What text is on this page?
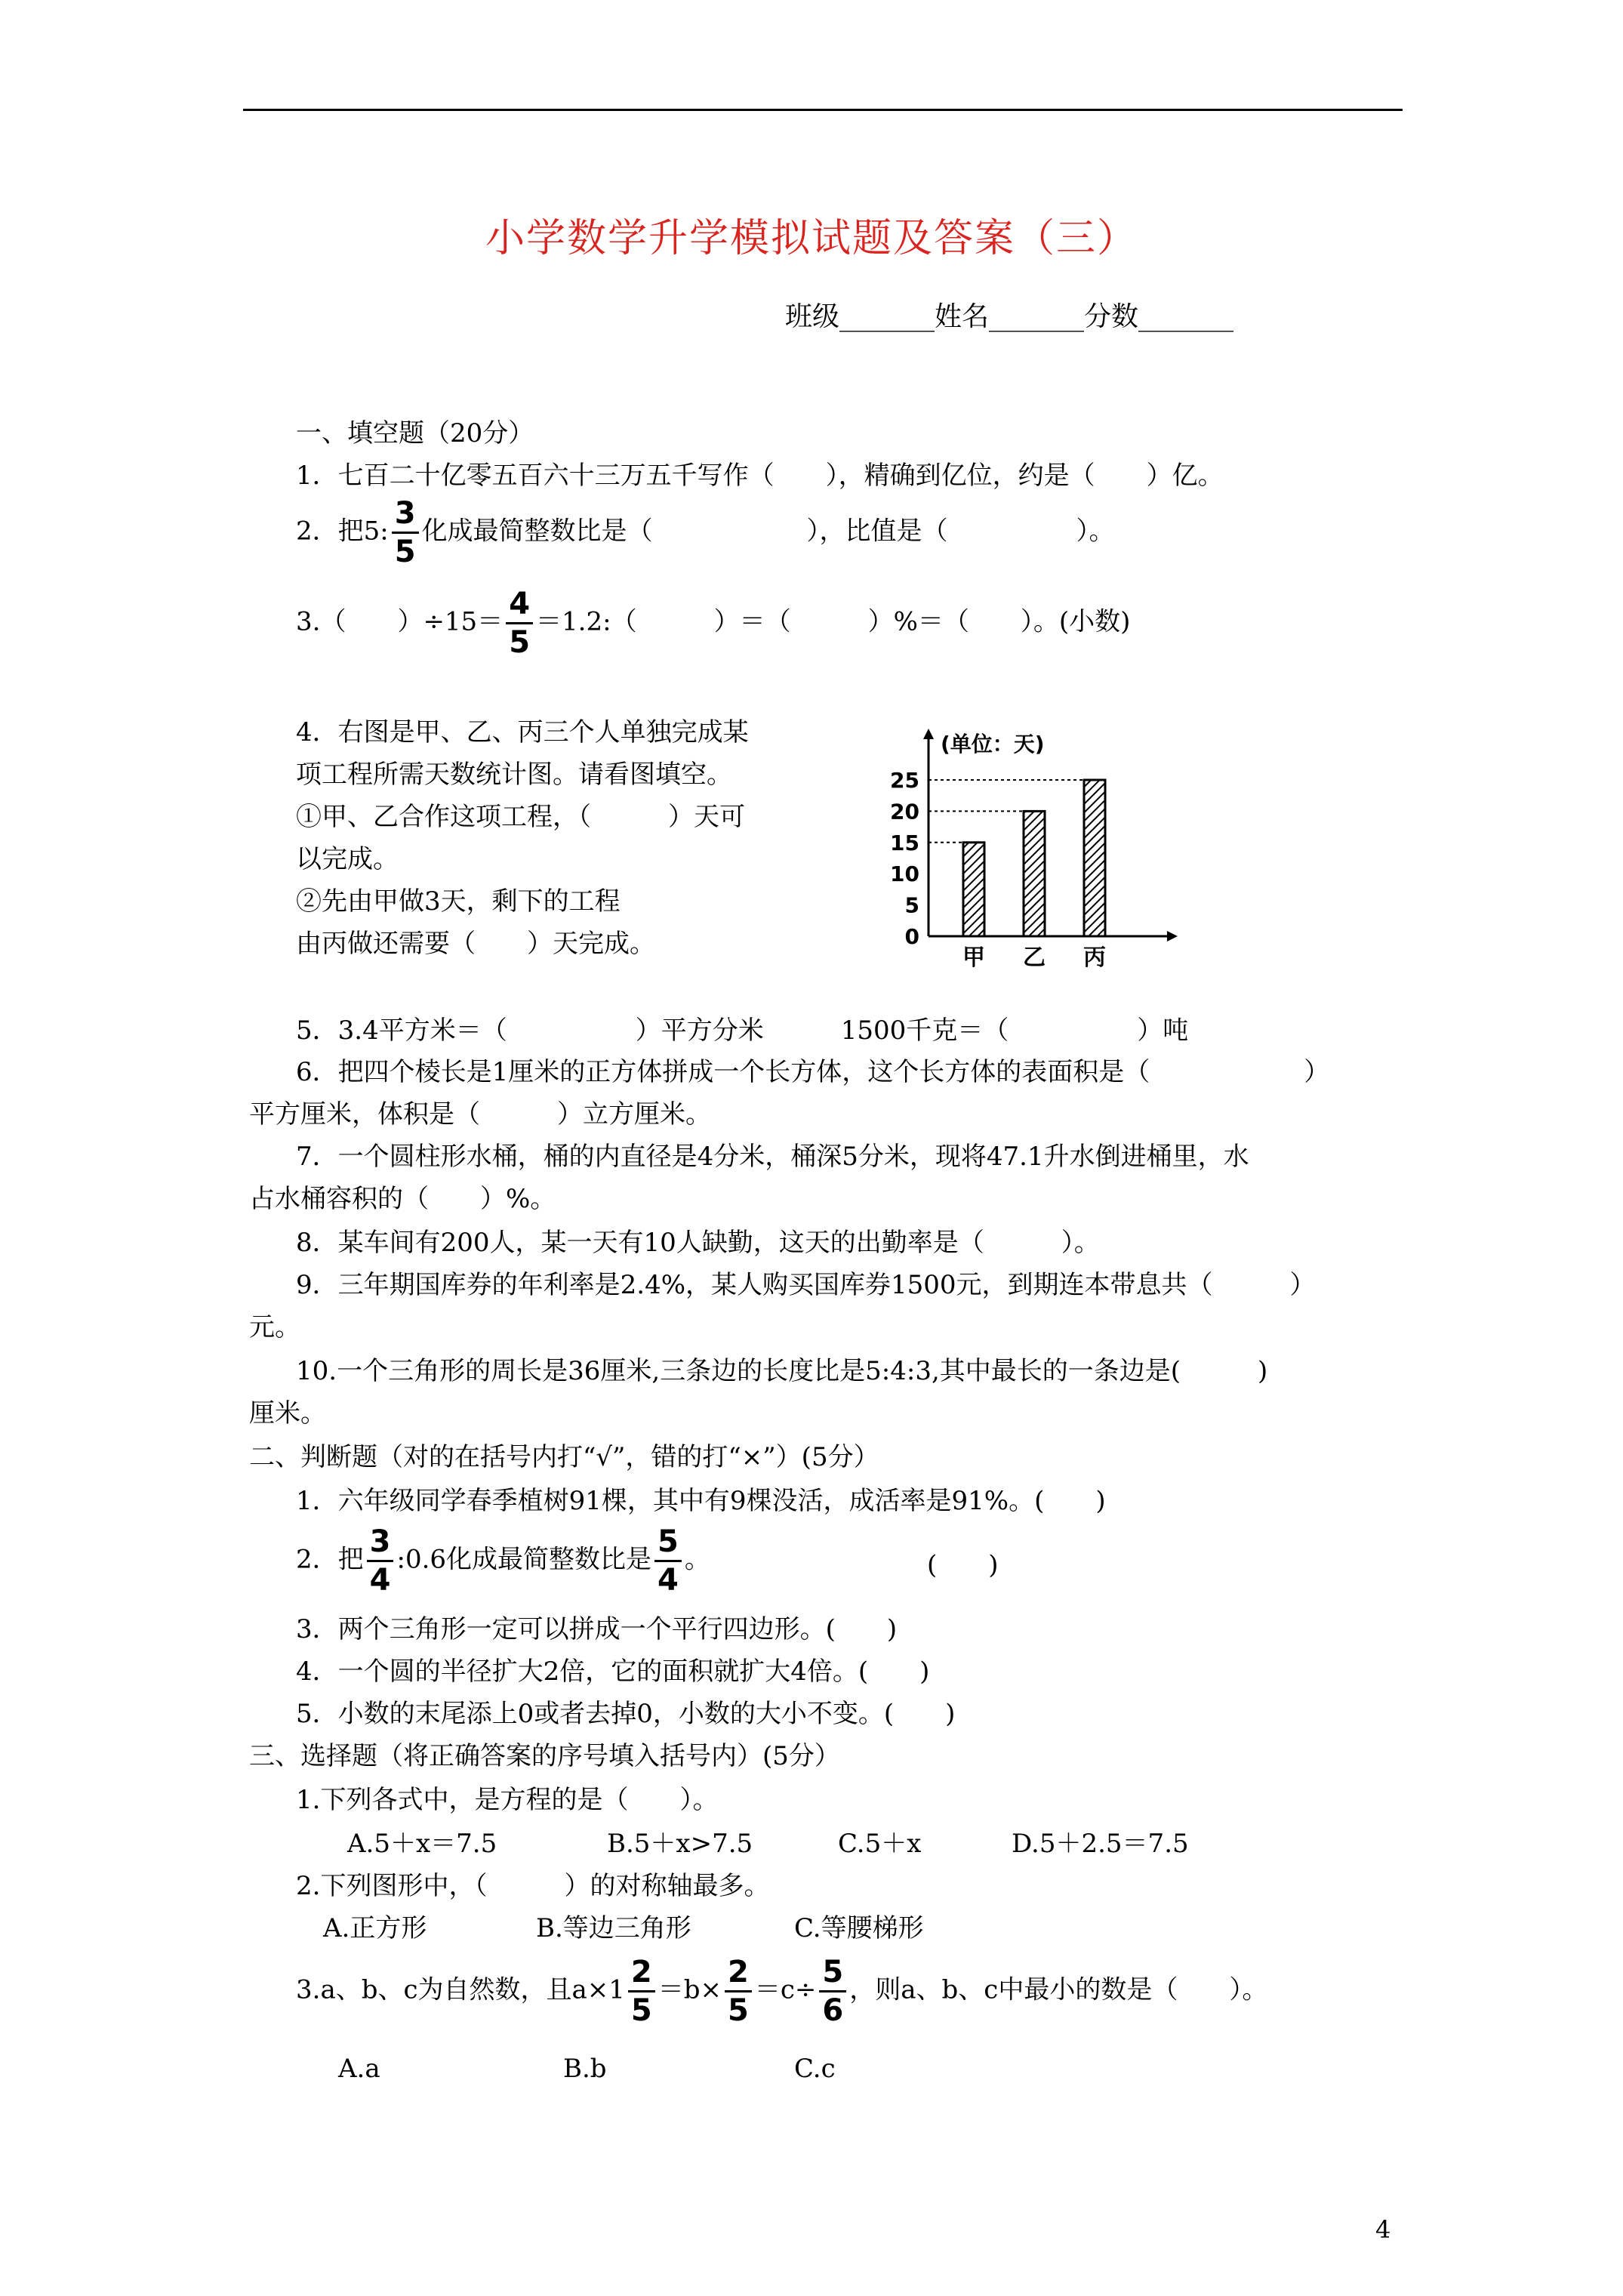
小学数学升学模拟试题及答案（三）
班级_______姓名_______分数_______
一、填空题（20分）
1．七百二十亿零五百六十三万五千写作（　　），精确到亿位，约是（　　）亿。
2．把5: $\frac{3}{5}$ 化成最简整数比是（　　　　　　），比值是（　　　　　）。
3.（　　）$\div 15= \frac{4}{5}$ ＝1.2:（　　　）＝（　　　）%＝（　　）。(小数)
4．右图是甲、乙、丙三个人单独完成某
项工程所需天数统计图。请看图填空。
①甲、乙合作这项工程，（　　　）天可
以完成。
②先由甲做3天，剩下的工程
由丙做还需要（　　）天完成。
(单位：天)
0
5
10
15
20
25
甲 乙 丙
5．3.4平方米＝（　　　　　）平方分米　　　1500千克＝（　　　　　）吨
6．把四个棱长是1厘米的正方体拼成一个长方体，这个长方体的表面积是（　　　　　　）
平方厘米，体积是（　　　）立方厘米。
7．一个圆柱形水桶，桶的内直径是4分米，桶深5分米，现将47.1升水倒进桶里，水
占水桶容积的（　　）%。
8．某车间有200人，某一天有10人缺勤，这天的出勤率是（　　　）。
9．三年期国库券的年利率是2.4%，某人购买国库券1500元，到期连本带息共（　　　）
元。
10.一个三角形的周长是36厘米,三条边的长度比是5:4:3,其中最长的一条边是(　　　)
厘米。
二、判断题（对的在括号内打“√”，错的打“×”）(5分）
1．六年级同学春季植树91棵，其中有9棵没活，成活率是91%。(　　)
2．把 $\frac{3}{4}$ :0.6化成最简整数比是 $\frac{5}{4}$ 。	(　　)
3．两个三角形一定可以拼成一个平行四边形。(　　)
4．一个圆的半径扩大2倍，它的面积就扩大4倍。(　　)
5．小数的末尾添上0或者去掉0，小数的大小不变。(　　)
三、选择题（将正确答案的序号填入括号内）(5分）
1.下列各式中，是方程的是（　　）。
A.5＋x＝7.5	B.5＋x>7.5	C.5＋x	D.5＋2.5＝7.5
2.下列图形中，（　　　）的对称轴最多。
A.正方形	B.等边三角形	C.等腰梯形
3.a、b、c为自然数，且$a\times 1 \frac{2}{5} =b\times \frac{2}{5} =c\div \frac{5}{6}$ ，则a、b、c中最小的数是（　　）。
A.a	B.b	C.c
4
